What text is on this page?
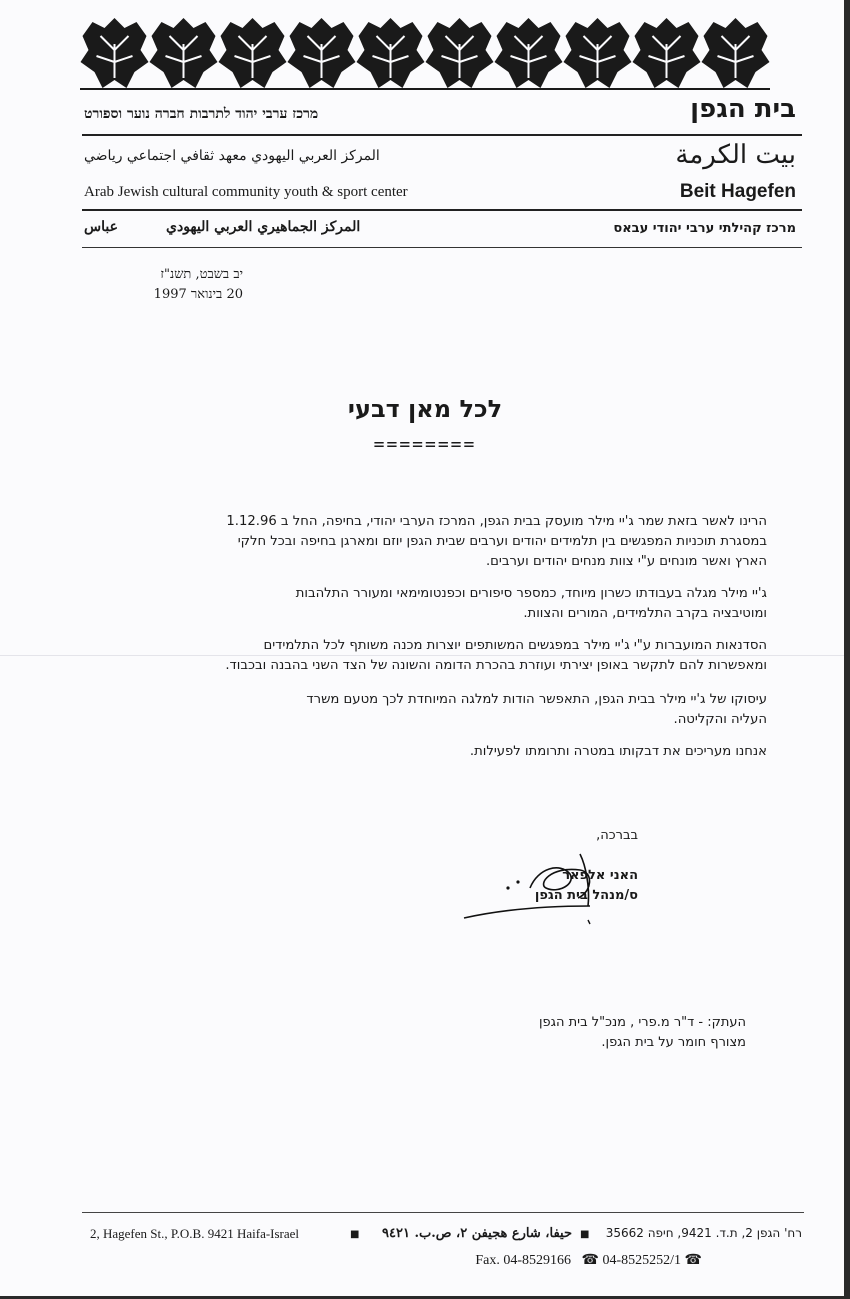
בית הגפן
מרכז ערבי יהוד לתרבות חברה נוער וספורט
بيت الكرمة
المركز العربي اليهودي معهد ثقافي اجتماعي رياضي
Arab Jewish cultural community youth & sport center	Beit Hagefen
מרכז קהילתי ערבי יהודי עבאס
المركز الجماهيري العربي اليهودي
عباس
יב בשבט, תשנ"ז
20 בינואר 1997
לכל מאן דבעי
========

הרינו לאשר בזאת שמר ג'יי מילר מועסק בבית הגפן, המרכז הערבי יהודי, בחיפה, החל ב 1.12.96

במסגרת תוכניות המפגשים בין תלמידים יהודים וערבים שבית הגפן יוזם ומארגן בחיפה ובכל חלקי

הארץ ואשר מונחים ע"י צוות מנחים יהודים וערבים.

ג'יי מילר מגלה בעבודתו כשרון מיוחד, כמספר סיפורים וכפנטומימאי ומעורר התלהבות

ומוטיבציה בקרב התלמידים, המורים והצוות.

הסדנאות המועברות ע"י ג'יי מילר במפגשים המשותפים יוצרות מכנה משותף לכל התלמידים

ומאפשרות להם לתקשר באופן יצירתי ועוזרת בהכרת הדומה והשונה של הצד השני בהבנה ובכבוד.

עיסוקו של ג'יי מילר בבית הגפן, התאפשר הודות למלגה המיוחדת לכך מטעם משרד

העליה והקליטה.

אנחנו מעריכים את דבקותו במטרה ותרומתו לפעילות.

בברכה,
האני אלפאר
ס/מנהל בית הגפן
העתק: - ד"ר מ.פרי , מנכ"ל בית הגפן
מצורף חומר על בית הגפן.
2, Hagefen St., P.O.B. 9421 Haifa-Israel	■ حيفا، شارع هجيفن ٢، ص.ب. ٩٤٢١ ■ רח' הגפן 2, ת.ד. 9421, חיפה 35662
Fax. 04-8529166 ☎ 04-8525252/1 ☎
